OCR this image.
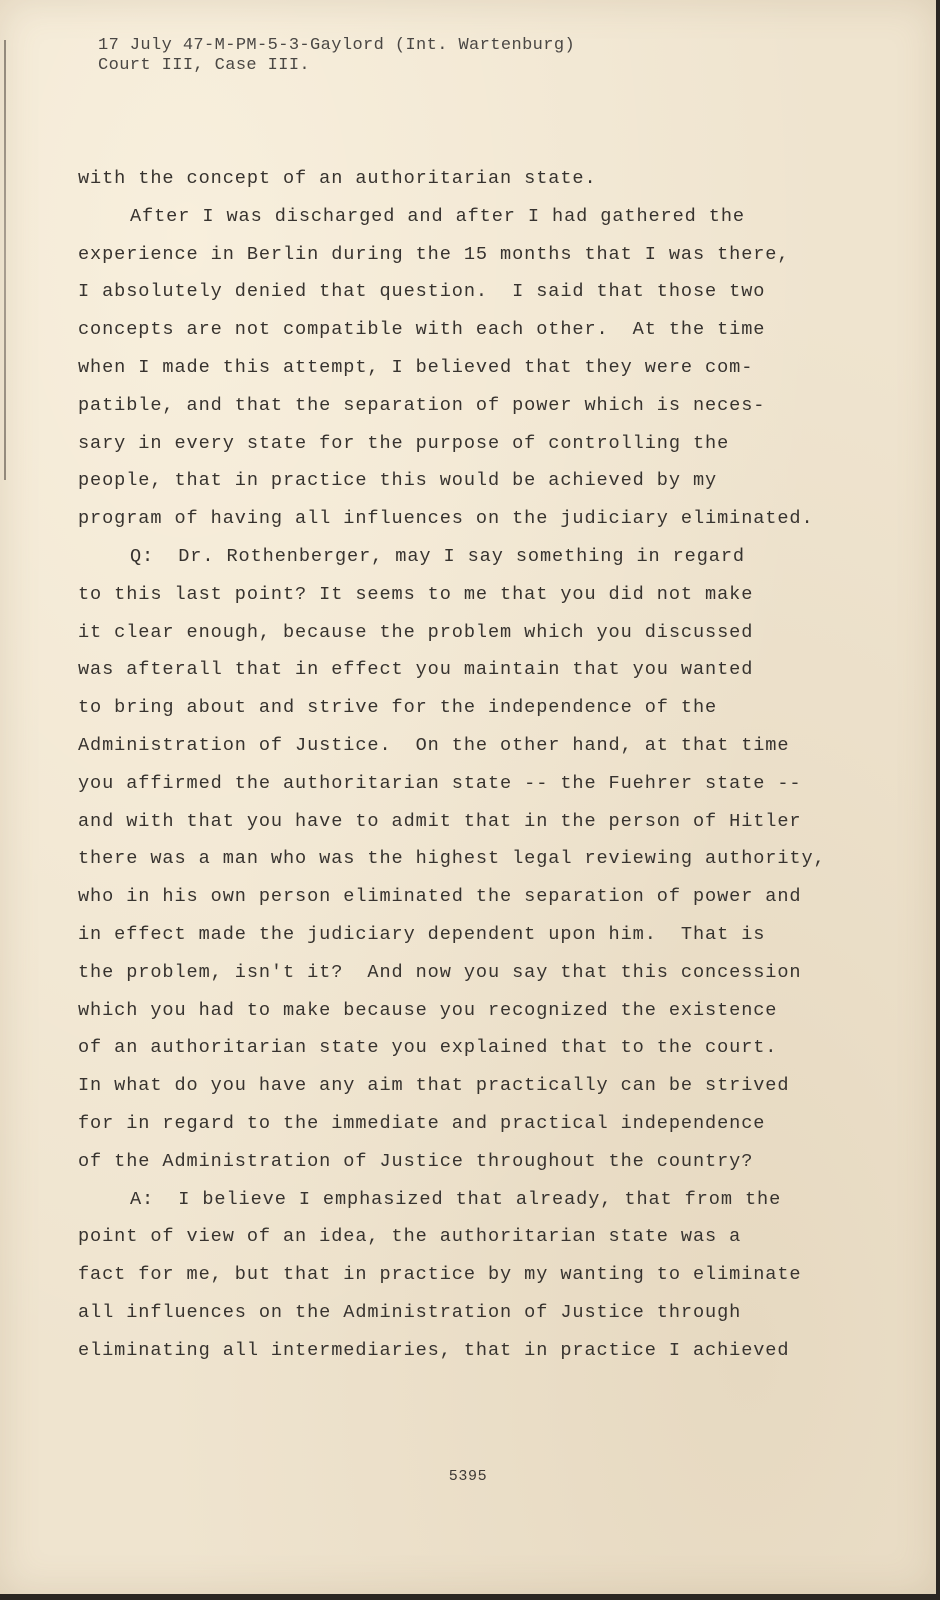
17 July 47-M-PM-5-3-Gaylord (Int. Wartenburg)
Court III, Case III.
with the concept of an authoritarian state.
After I was discharged and after I had gathered the
experience in Berlin during the 15 months that I was there,
I absolutely denied that question.  I said that those two
concepts are not compatible with each other.  At the time
when I made this attempt, I believed that they were com-
patible, and that the separation of power which is neces-
sary in every state for the purpose of controlling the
people, that in practice this would be achieved by my
program of having all influences on the judiciary eliminated.
Q:  Dr. Rothenberger, may I say something in regard
to this last point? It seems to me that you did not make
it clear enough, because the problem which you discussed
was afterall that in effect you maintain that you wanted
to bring about and strive for the independence of the
Administration of Justice.  On the other hand, at that time
you affirmed the authoritarian state -- the Fuehrer state --
and with that you have to admit that in the person of Hitler
there was a man who was the highest legal reviewing authority,
who in his own person eliminated the separation of power and
in effect made the judiciary dependent upon him.  That is
the problem, isn't it?  And now you say that this concession
which you had to make because you recognized the existence
of an authoritarian state you explained that to the court.
In what do you have any aim that practically can be strived
for in regard to the immediate and practical independence
of the Administration of Justice throughout the country?
A:  I believe I emphasized that already, that from the
point of view of an idea, the authoritarian state was a
fact for me, but that in practice by my wanting to eliminate
all influences on the Administration of Justice through
eliminating all intermediaries, that in practice I achieved
5395
